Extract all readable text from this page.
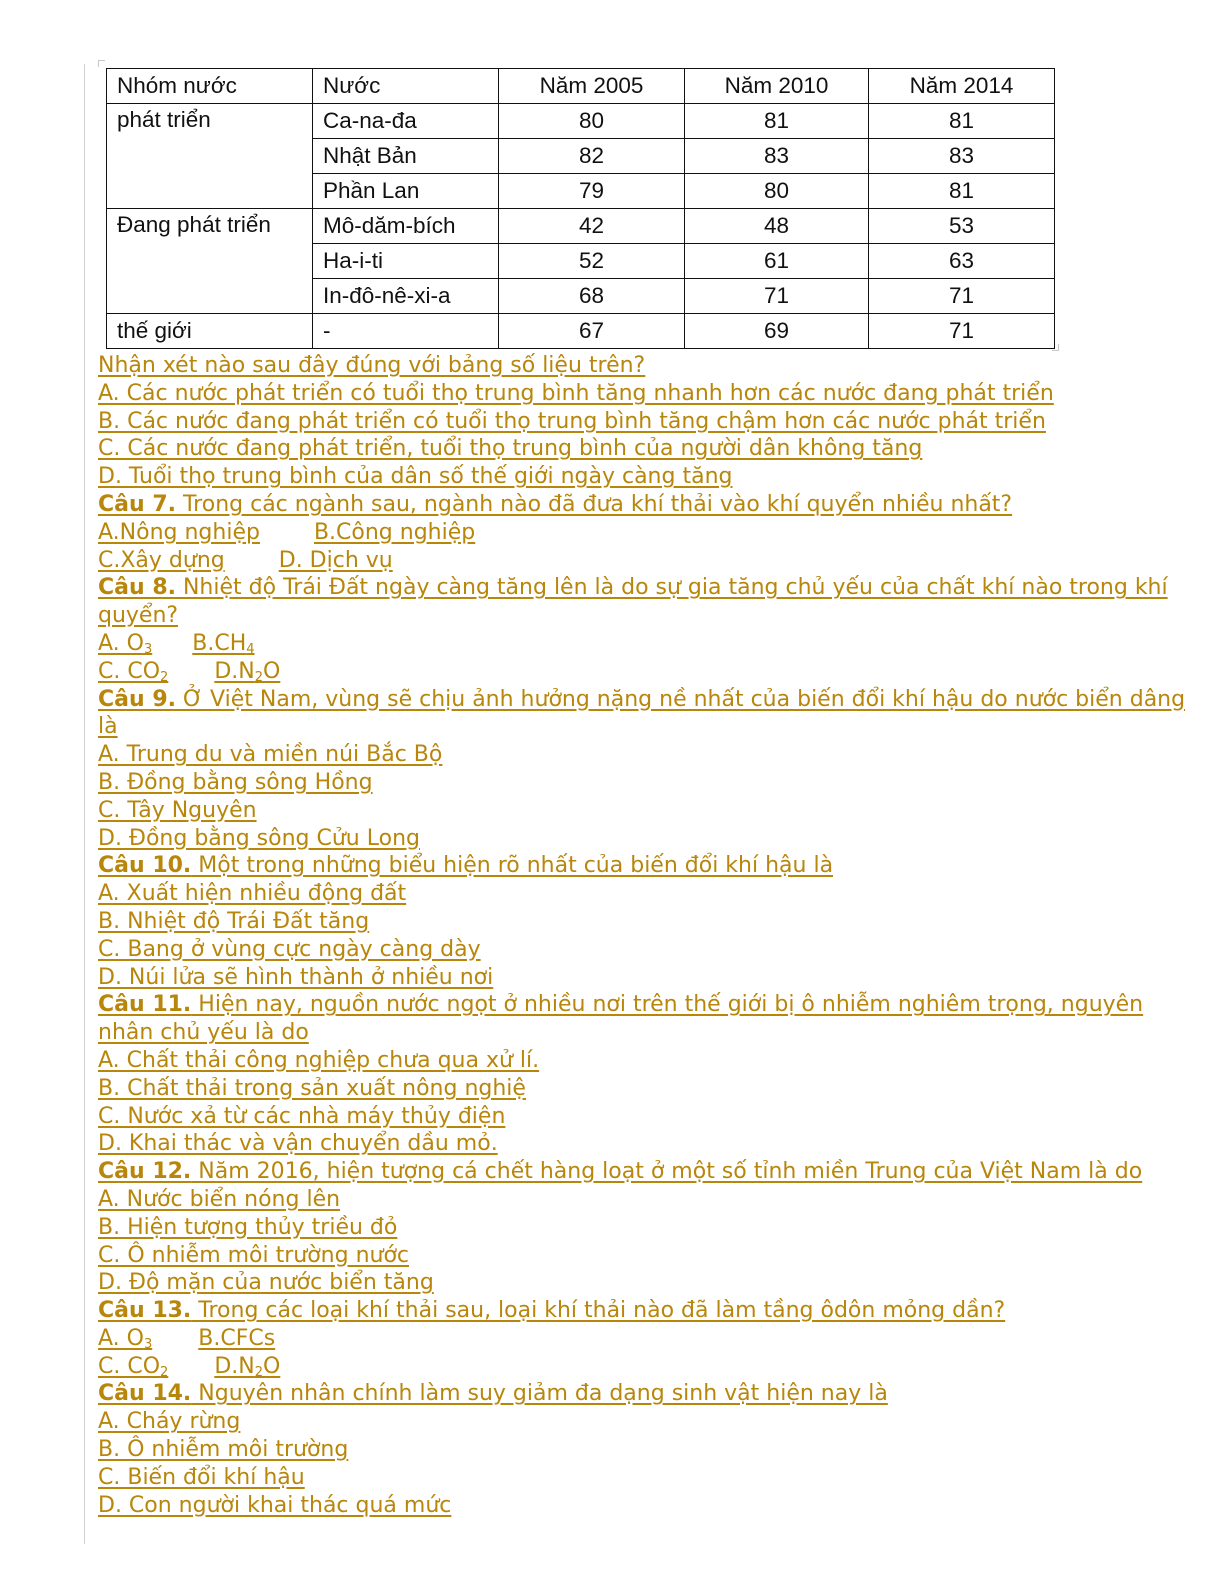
Nhóm nước	Nước	Năm 2005	Năm 2010	Năm 2014
phát triển	Ca-na-đa	80	81	81
	Nhật Bản	82	83	83
	Phần Lan	79	80	81
Đang phát triển	Mô-dăm-bích	42	48	53
	Ha-i-ti	52	61	63
	In-đô-nê-xi-a	68	71	71
thế giới	-	67	69	71
Nhận xét nào sau đây đúng với bảng số liệu trên?
A. Các nước phát triển có tuổi thọ trung bình tăng nhanh hơn các nước đang phát triển
B. Các nước đang phát triển có tuổi thọ trung bình tăng chậm hơn các nước phát triển
C. Các nước đang phát triển, tuổi thọ trung bình của người dân không tăng
D. Tuổi thọ trung bình của dân số thế giới ngày càng tăng
Câu 7. Trong các ngành sau, ngành nào đã đưa khí thải vào khí quyển nhiều nhất?
A.Nông nghiệp B.Công nghiệp
C.Xây dựng D. Dịch vụ
Câu 8. Nhiệt độ Trái Đất ngày càng tăng lên là do sự gia tăng chủ yếu của chất khí nào trong khí quyển?
A. $O_3$ $B.CH_4$
C. $CO_2$ $D.N_2O$
Câu 9. Ở Việt Nam, vùng sẽ chịu ảnh hưởng nặng nề nhất của biến đổi khí hậu do nước biển dâng là
A. Trung du và miền núi Bắc Bộ
B. Đồng bằng sông Hồng
C. Tây Nguyên
D. Đồng bằng sông Cửu Long
Câu 10. Một trong những biểu hiện rõ nhất của biến đổi khí hậu là
A. Xuất hiện nhiều động đất
B. Nhiệt độ Trái Đất tăng
C. Bang ở vùng cực ngày càng dày
D. Núi lửa sẽ hình thành ở nhiều nơi
Câu 11. Hiện nay, nguồn nước ngọt ở nhiều nơi trên thế giới bị ô nhiễm nghiêm trọng, nguyên nhân chủ yếu là do
A. Chất thải công nghiệp chưa qua xử lí.
B. Chất thải trong sản xuất nông nghiệ
C. Nước xả từ các nhà máy thủy điện
D. Khai thác và vận chuyển dầu mỏ.
Câu 12. Năm 2016, hiện tượng cá chết hàng loạt ở một số tỉnh miền Trung của Việt Nam là do
A. Nước biển nóng lên
B. Hiện tượng thủy triều đỏ
C. Ô nhiễm môi trường nước
D. Độ mặn của nước biển tăng
Câu 13. Trong các loại khí thải sau, loại khí thải nào đã làm tầng ôdôn mỏng dần?
A. $O_3$ B.CFCs
C. $CO_2$ $D.N_2O$
Câu 14. Nguyên nhân chính làm suy giảm đa dạng sinh vật hiện nay là
A. Cháy rừng
B. Ô nhiễm môi trường
C. Biến đổi khí hậu
D. Con người khai thác quá mức
